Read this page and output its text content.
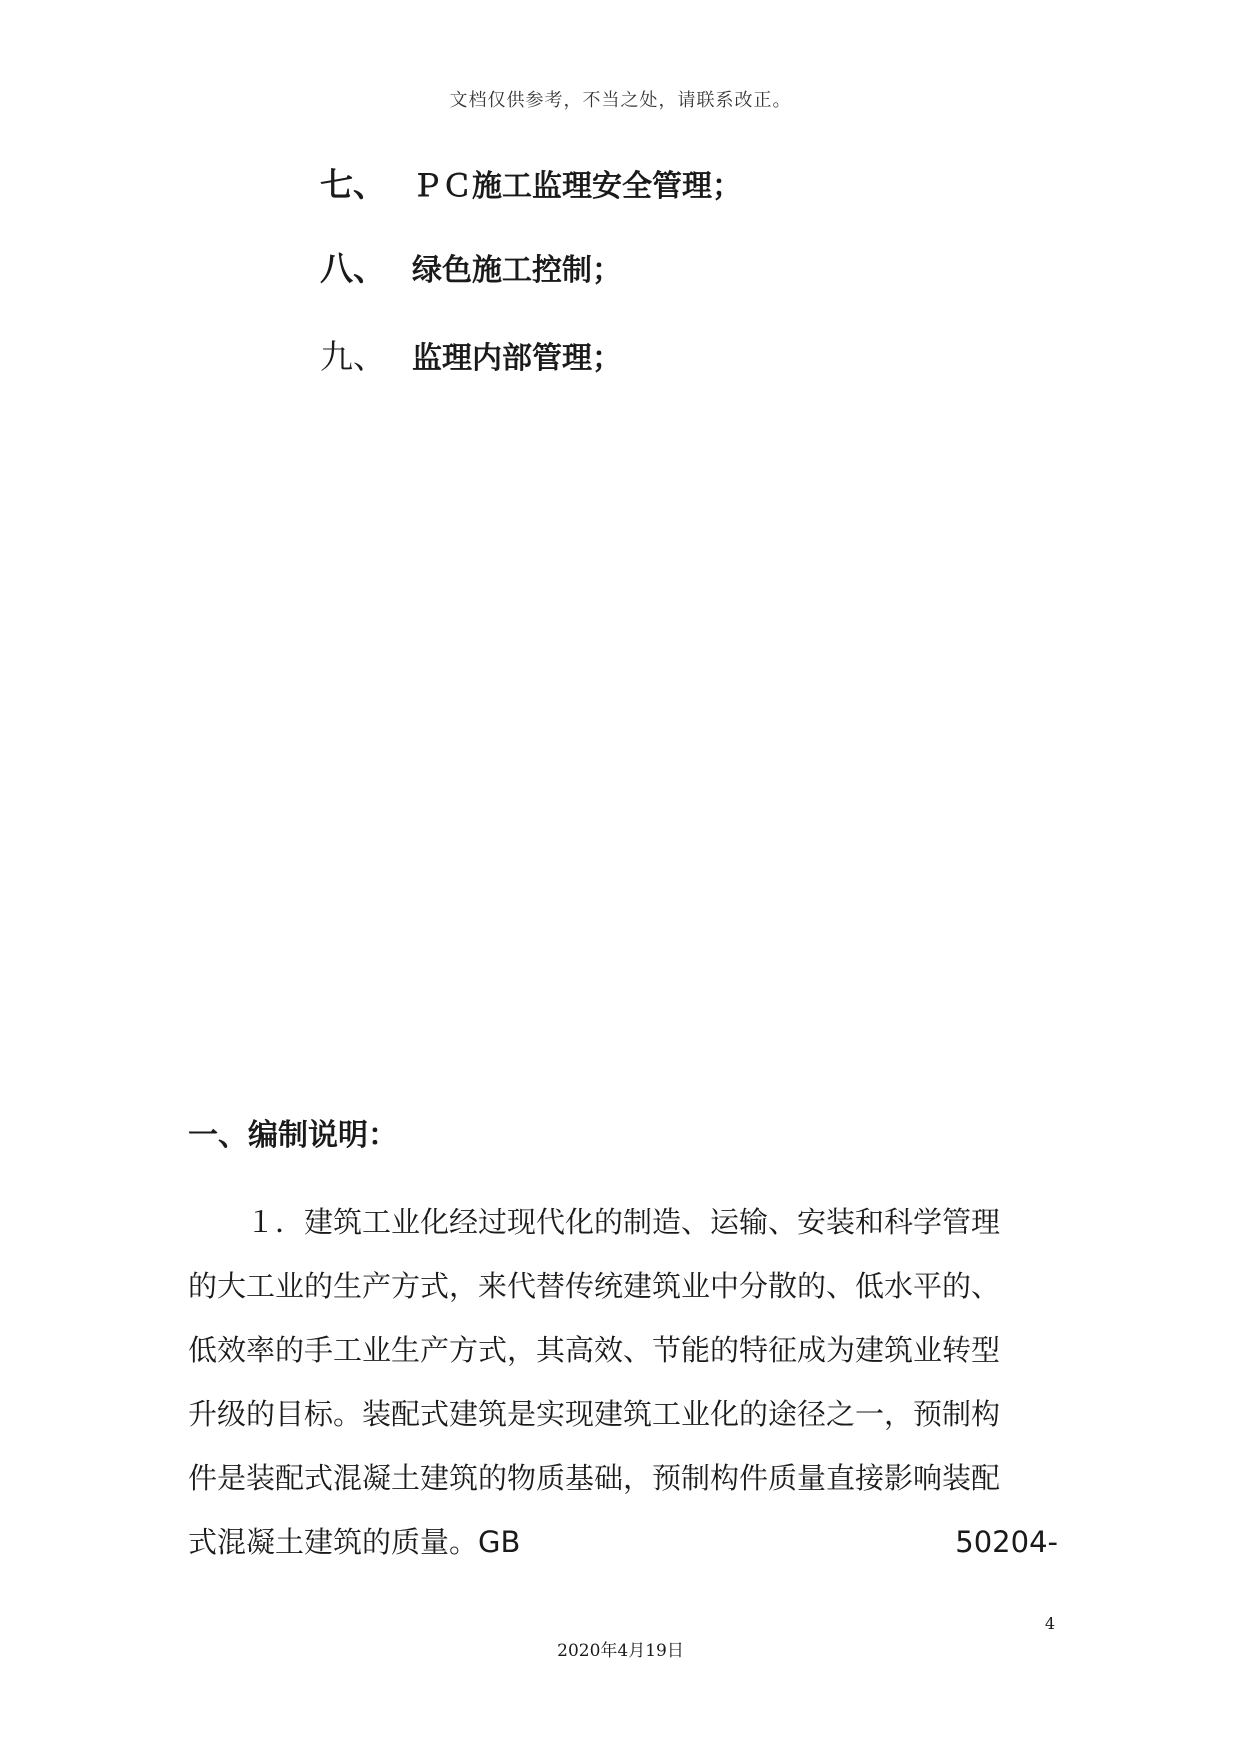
文档仅供参考，不当之处，请联系改正。
七、 ＰＣ施工监理安全管理；
八、 绿色施工控制；
九、 监理内部管理；
一、编制说明：
１．建筑工业化经过现代化的制造、运输、安装和科学管理
的大工业的生产方式，来代替传统建筑业中分散的、低水平的、
低效率的手工业生产方式，其高效、节能的特征成为建筑业转型
升级的目标。装配式建筑是实现建筑工业化的途径之一，预制构
件是装配式混凝土建筑的物质基础，预制构件质量直接影响装配
式混凝土建筑的质量。GB	50204-
4
2020年4月19日
